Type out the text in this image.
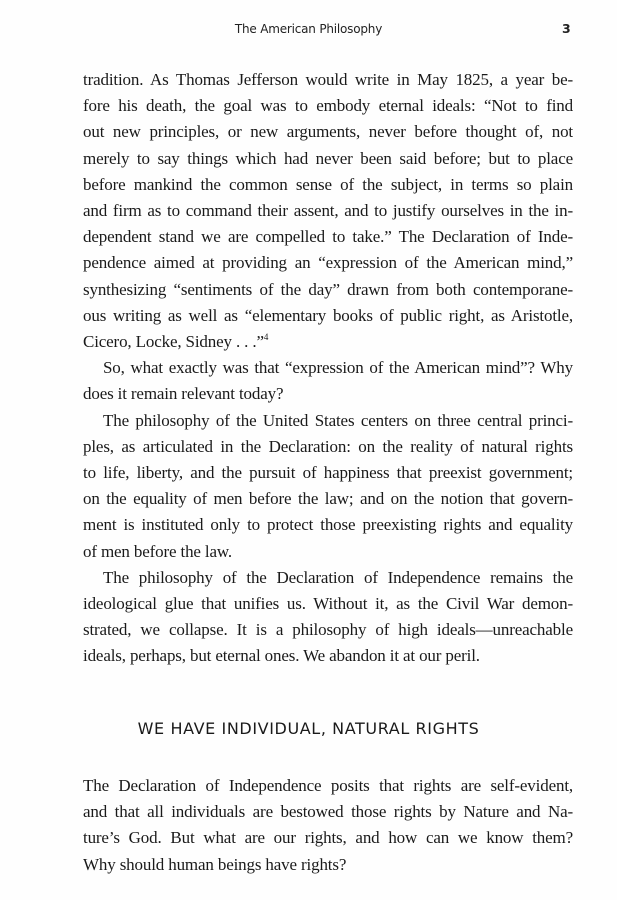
The American Philosophy	3
tradition. As Thomas Jefferson would write in May 1825, a year be-
fore his death, the goal was to embody eternal ideals: “Not to find
out new principles, or new arguments, never before thought of, not
merely to say things which had never been said before; but to place
before mankind the common sense of the subject, in terms so plain
and firm as to command their assent, and to justify ourselves in the in-
dependent stand we are compelled to take.” The Declaration of Inde-
pendence aimed at providing an “expression of the American mind,”
synthesizing “sentiments of the day” drawn from both contemporane-
ous writing as well as “elementary books of public right, as Aristotle,
Cicero, Locke, Sidney . . .”$^4$
So, what exactly was that “expression of the American mind”? Why
does it remain relevant today?
The philosophy of the United States centers on three central princi-
ples, as articulated in the Declaration: on the reality of natural rights
to life, liberty, and the pursuit of happiness that preexist government;
on the equality of men before the law; and on the notion that govern-
ment is instituted only to protect those preexisting rights and equality
of men before the law.
The philosophy of the Declaration of Independence remains the
ideological glue that unifies us. Without it, as the Civil War demon-
strated, we collapse. It is a philosophy of high ideals—unreachable
ideals, perhaps, but eternal ones. We abandon it at our peril.
WE HAVE INDIVIDUAL, NATURAL RIGHTS
The Declaration of Independence posits that rights are self-evident,
and that all individuals are bestowed those rights by Nature and Na-
ture’s God. But what are our rights, and how can we know them?
Why should human beings have rights?
